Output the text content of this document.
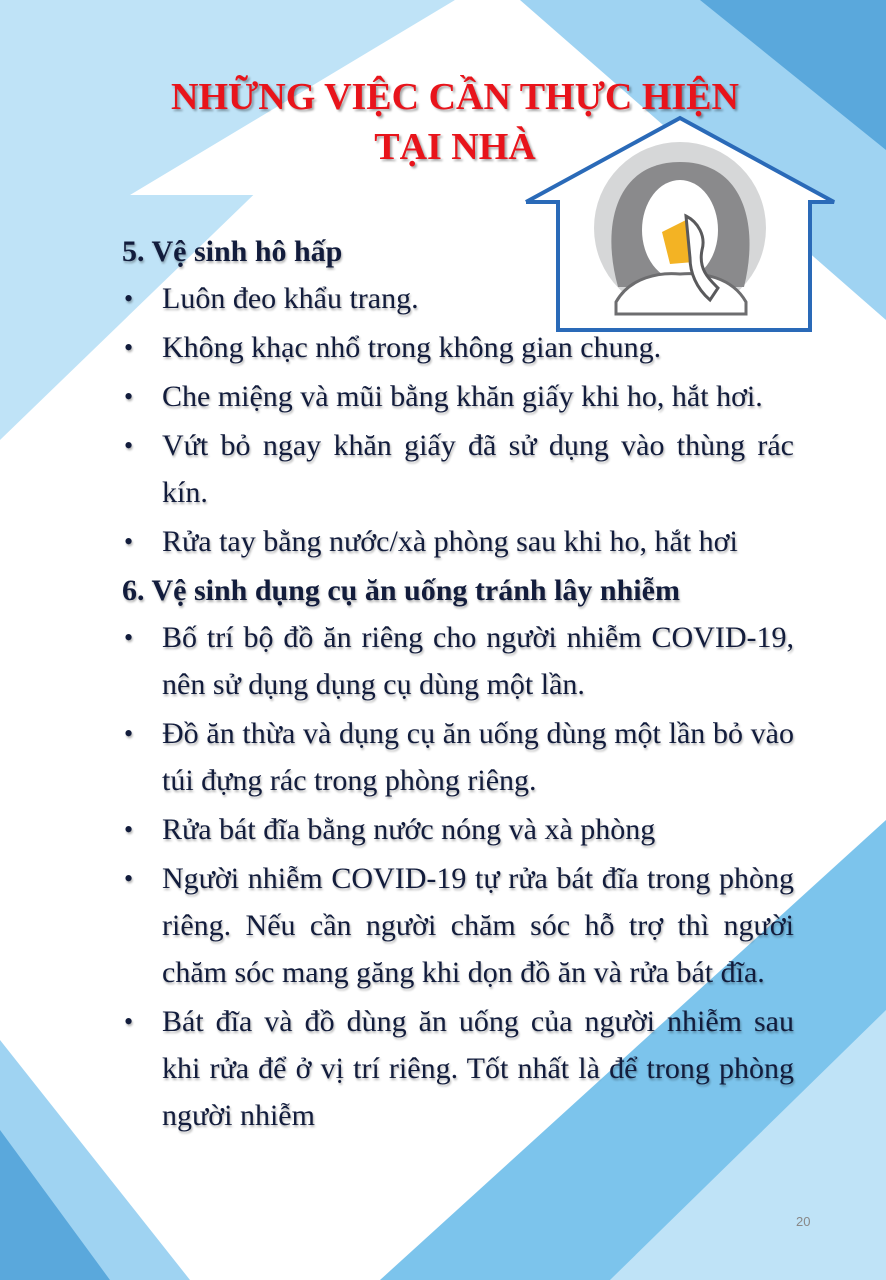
NHỮNG VIỆC CẦN THỰC HIỆN
TẠI NHÀ
5. Vệ sinh hô hấp
• Luôn đeo khẩu trang.
• Không khạc nhổ trong không gian chung.
• Che miệng và mũi bằng khăn giấy khi ho, hắt hơi.
• Vứt bỏ ngay khăn giấy đã sử dụng vào thùng rác kín.
• Rửa tay bằng nước/xà phòng sau khi ho, hắt hơi
6. Vệ sinh dụng cụ ăn uống tránh lây nhiễm
• Bố trí bộ đồ ăn riêng cho người nhiễm COVID-19, nên sử dụng dụng cụ dùng một lần.
• Đồ ăn thừa và dụng cụ ăn uống dùng một lần bỏ vào túi đựng rác trong phòng riêng.
• Rửa bát đĩa bằng nước nóng và xà phòng
• Người nhiễm COVID-19 tự rửa bát đĩa trong phòng riêng. Nếu cần người chăm sóc hỗ trợ thì người chăm sóc mang găng khi dọn đồ ăn và rửa bát đĩa.
• Bát đĩa và đồ dùng ăn uống của người nhiễm sau khi rửa để ở vị trí riêng. Tốt nhất là để trong phòng người nhiễm
20
